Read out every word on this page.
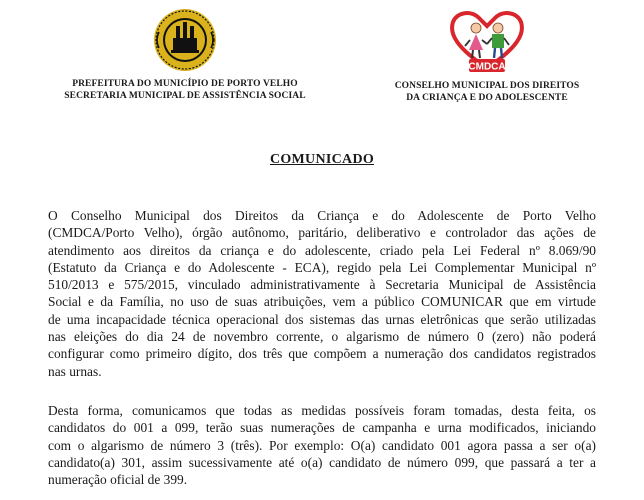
PREFEITURA DO MUNICÍPIO DE PORTO VELHO
SECRETARIA MUNICIPAL DE ASSISTÊNCIA SOCIAL
CMDCA
CONSELHO MUNICIPAL DOS DIREITOS
DA CRIANÇA E DO ADOLESCENTE
COMUNICADO
O Conselho Municipal dos Direitos da Criança e do Adolescente de Porto Velho
(CMDCA/Porto Velho), órgão autônomo, paritário, deliberativo e controlador das ações de
atendimento aos direitos da criança e do adolescente, criado pela Lei Federal nº 8.069/90
(Estatuto da Criança e do Adolescente - ECA), regido pela Lei Complementar Municipal nº
510/2013 e 575/2015, vinculado administrativamente à Secretaria Municipal de Assistência
Social e da Família, no uso de suas atribuições, vem a público COMUNICAR que em virtude
de uma incapacidade técnica operacional dos sistemas das urnas eletrônicas que serão utilizadas
nas eleições do dia 24 de novembro corrente, o algarismo de número 0 (zero) não poderá
configurar como primeiro dígito, dos três que compõem a numeração dos candidatos registrados
nas urnas.
Desta forma, comunicamos que todas as medidas possíveis foram tomadas, desta feita, os
candidatos do 001 a 099, terão suas numerações de campanha e urna modificados, iniciando
com o algarismo de número 3 (três). Por exemplo: O(a) candidato 001 agora passa a ser o(a)
candidato(a) 301, assim sucessivamente até o(a) candidato de número 099, que passará a ter a
numeração oficial de 399.
